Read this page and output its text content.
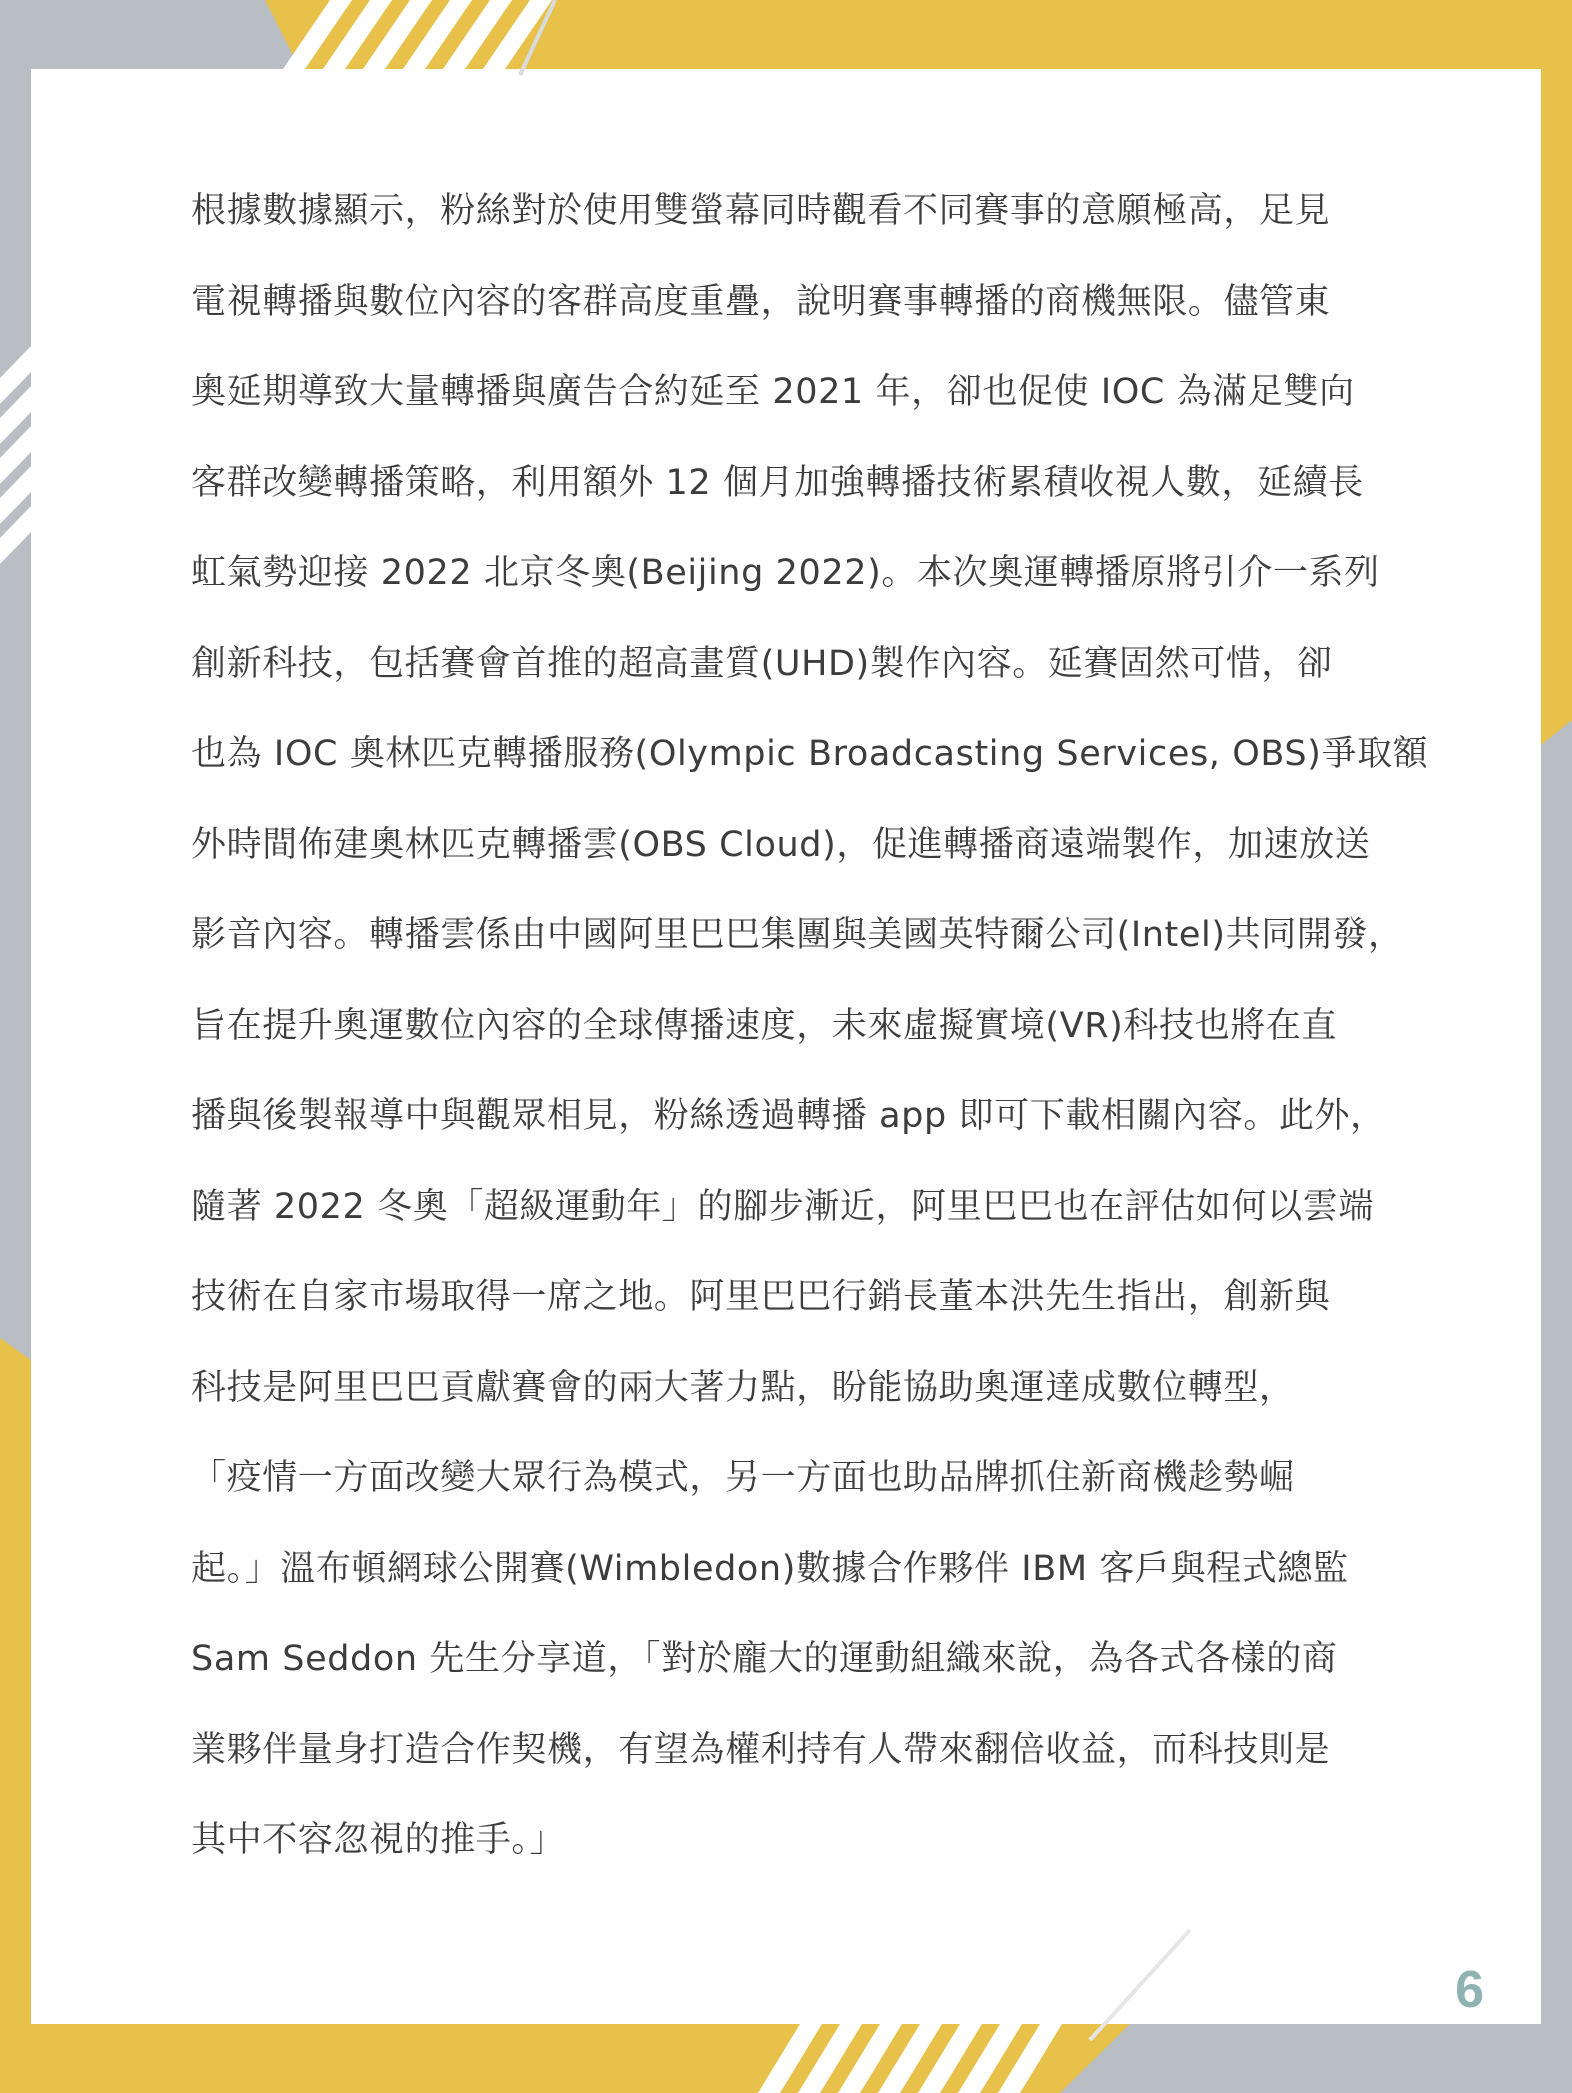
根據數據顯示，粉絲對於使用雙螢幕同時觀看不同賽事的意願極高，足見

電視轉播與數位內容的客群高度重疊，說明賽事轉播的商機無限。儘管東

奧延期導致大量轉播與廣告合約延至 2021 年，卻也促使 IOC 為滿足雙向

客群改變轉播策略，利用額外 12 個月加強轉播技術累積收視人數，延續長

虹氣勢迎接 2022 北京冬奧(Beijing 2022)。本次奧運轉播原將引介一系列

創新科技，包括賽會首推的超高畫質(UHD)製作內容。延賽固然可惜，卻

也為 IOC 奧林匹克轉播服務(Olympic Broadcasting Services, OBS)爭取額

外時間佈建奧林匹克轉播雲(OBS Cloud)，促進轉播商遠端製作，加速放送

影音內容。轉播雲係由中國阿里巴巴集團與美國英特爾公司(Intel)共同開發，

旨在提升奧運數位內容的全球傳播速度，未來虛擬實境(VR)科技也將在直

播與後製報導中與觀眾相見，粉絲透過轉播 app 即可下載相關內容。此外，

隨著 2022 冬奧「超級運動年」的腳步漸近，阿里巴巴也在評估如何以雲端

技術在自家市場取得一席之地。阿里巴巴行銷長董本洪先生指出，創新與

科技是阿里巴巴貢獻賽會的兩大著力點，盼能協助奧運達成數位轉型，

「疫情一方面改變大眾行為模式，另一方面也助品牌抓住新商機趁勢崛

起。」溫布頓網球公開賽(Wimbledon)數據合作夥伴 IBM 客戶與程式總監

Sam Seddon 先生分享道，「對於龐大的運動組織來說，為各式各樣的商

業夥伴量身打造合作契機，有望為權利持有人帶來翻倍收益，而科技則是

其中不容忽視的推手。」

6
